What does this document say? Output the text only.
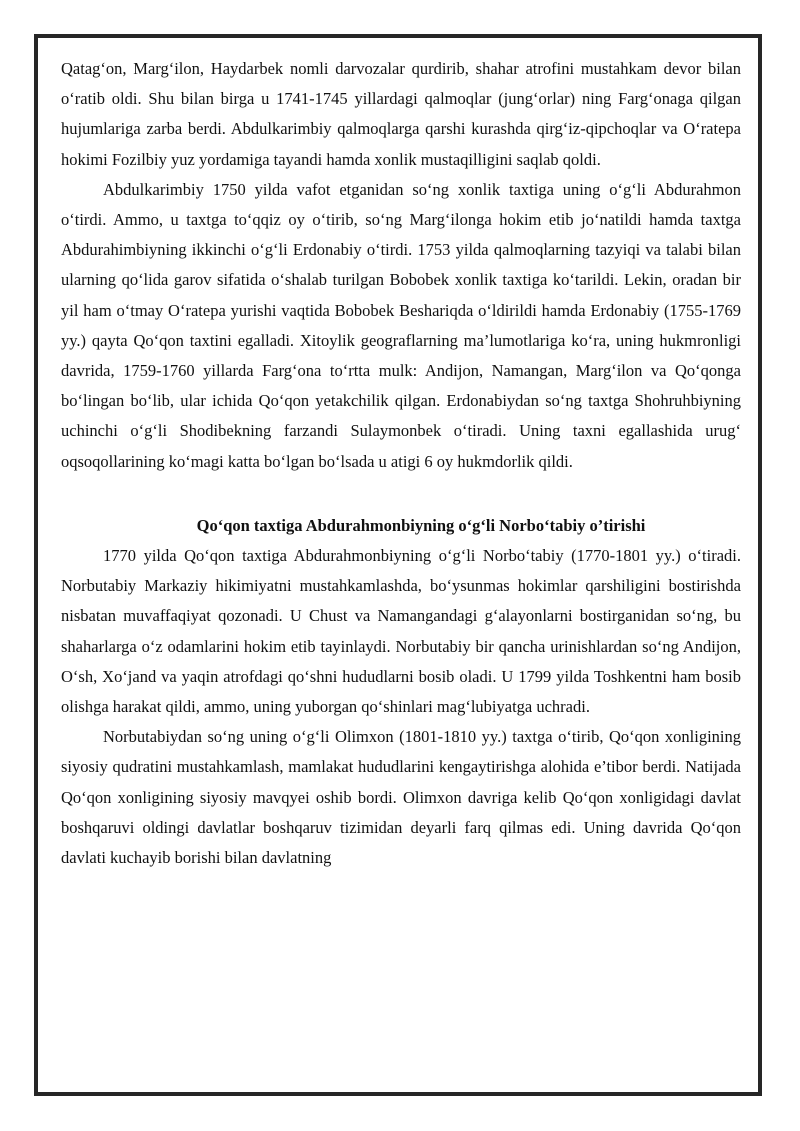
Qatag‘on, Marg‘ilon, Haydarbek nomli darvozalar qurdirib, shahar atrofini mustahkam devor bilan o‘ratib oldi. Shu bilan birga u 1741-1745 yillardagi qalmoqlar (jung‘orlar) ning Farg‘onaga qilgan hujumlariga zarba berdi. Abdulkarimbiy qalmoqlarga qarshi kurashda qirg‘iz-qipchoqlar va O‘ratepa hokimi Fozilbiy yuz yordamiga tayandi hamda xonlik mustaqilligini saqlab qoldi.

Abdulkarimbiy 1750 yilda vafot etganidan so‘ng xonlik taxtiga uning o‘g‘li Abdurahmon o‘tirdi. Ammo, u taxtga to‘qqiz oy o‘tirib, so‘ng Marg‘ilonga hokim etib jo‘natildi hamda taxtga Abdurahimbiyning ikkinchi o‘g‘li Erdonabiy o‘tirdi. 1753 yilda qalmoqlarning tazyiqi va talabi bilan ularning qo‘lida garov sifatida o‘shalab turilgan Bobobek xonlik taxtiga ko‘tarildi. Lekin, oradan bir yil ham o‘tmay O‘ratepa yurishi vaqtida Bobobek Beshariqda o‘ldirildi hamda Erdonabiy (1755-1769 yy.) qayta Qo‘qon taxtini egalladi. Xitoylik geograflarning ma’lumotlariga ko‘ra, uning hukmronligi davrida, 1759-1760 yillarda Farg‘ona to‘rtta mulk: Andijon, Namangan, Marg‘ilon va Qo‘qonga bo‘lingan bo‘lib, ular ichida Qo‘qon yetakchilik qilgan. Erdonabiydan so‘ng taxtga Shohruhbiyning uchinchi o‘g‘li Shodibekning farzandi Sulaymonbek o‘tiradi. Uning taxni egallashida urug‘ oqsoqollarining ko‘magi katta bo‘lgan bo‘lsada u atigi 6 oy hukmdorlik qildi.

Qo‘qon taxtiga Abdurahmonbiyning o‘g‘li Norbo‘tabiy o’tirishi

1770 yilda Qo‘qon taxtiga Abdurahmonbiyning o‘g‘li Norbo‘tabiy (1770-1801 yy.) o‘tiradi. Norbutabiy Markaziy hikimiyatni mustahkamlashda, bo‘ysunmas hokimlar qarshiligini bostirishda nisbatan muvaffaqiyat qozonadi. U Chust va Namangandagi g‘alayonlarni bostirganidan so‘ng, bu shaharlarga o‘z odamlarini hokim etib tayinlaydi. Norbutabiy bir qancha urinishlardan so‘ng Andijon, O‘sh, Xo‘jand va yaqin atrofdagi qo‘shni hududlarni bosib oladi. U 1799 yilda Toshkentni ham bosib olishga harakat qildi, ammo, uning yuborgan qo‘shinlari mag‘lubiyatga uchradi.

Norbutabiydan so‘ng uning o‘g‘li Olimxon (1801-1810 yy.) taxtga o‘tirib, Qo‘qon xonligining siyosiy qudratini mustahkamlash, mamlakat hududlarini kengaytirishga alohida e’tibor berdi. Natijada Qo‘qon xonligining siyosiy mavqyei oshib bordi. Olimxon davriga kelib Qo‘qon xonligidagi davlat boshqaruvi oldingi davlatlar boshqaruv tizimidan deyarli farq qilmas edi. Uning davrida Qo‘qon davlati kuchayib borishi bilan davlatning
